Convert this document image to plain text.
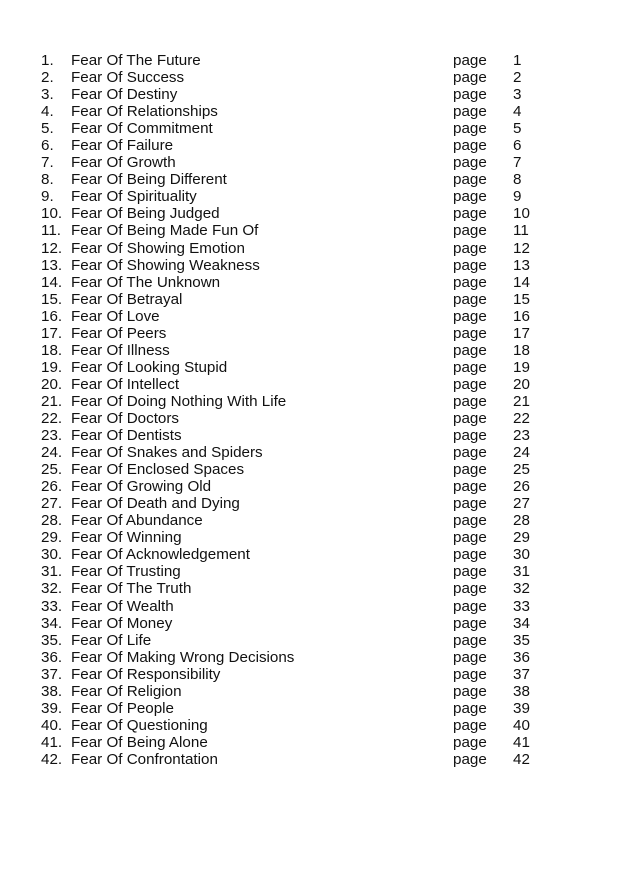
1. Fear Of The Future	page 1
2. Fear Of Success	page 2
3. Fear Of Destiny	page 3
4. Fear Of Relationships	page 4
5. Fear Of Commitment	page 5
6. Fear Of Failure	page 6
7. Fear Of Growth	page 7
8. Fear Of Being Different	page 8
9. Fear Of Spirituality	page 9
10. Fear Of Being Judged	page 10
11. Fear Of Being Made Fun Of	page 11
12. Fear Of Showing Emotion	page 12
13. Fear Of Showing Weakness	page 13
14. Fear Of The Unknown	page 14
15. Fear Of Betrayal	page 15
16. Fear Of Love	page 16
17. Fear Of Peers	page 17
18. Fear Of Illness	page 18
19. Fear Of Looking Stupid	page 19
20. Fear Of Intellect	page 20
21. Fear Of Doing Nothing With Life	page 21
22. Fear Of Doctors	page 22
23. Fear Of Dentists	page 23
24. Fear Of Snakes and Spiders	page 24
25. Fear Of Enclosed Spaces	page 25
26. Fear Of Growing Old	page 26
27. Fear Of Death and Dying	page 27
28. Fear Of Abundance	page 28
29. Fear Of Winning	page 29
30. Fear Of Acknowledgement	page 30
31. Fear Of Trusting	page 31
32. Fear Of The Truth	page 32
33. Fear Of Wealth	page 33
34. Fear Of Money	page 34
35. Fear Of Life	page 35
36. Fear Of Making Wrong Decisions	page 36
37. Fear Of Responsibility	page 37
38. Fear Of Religion	page 38
39. Fear Of People	page 39
40. Fear Of Questioning	page 40
41. Fear Of Being Alone	page 41
42. Fear Of Confrontation	page 42
